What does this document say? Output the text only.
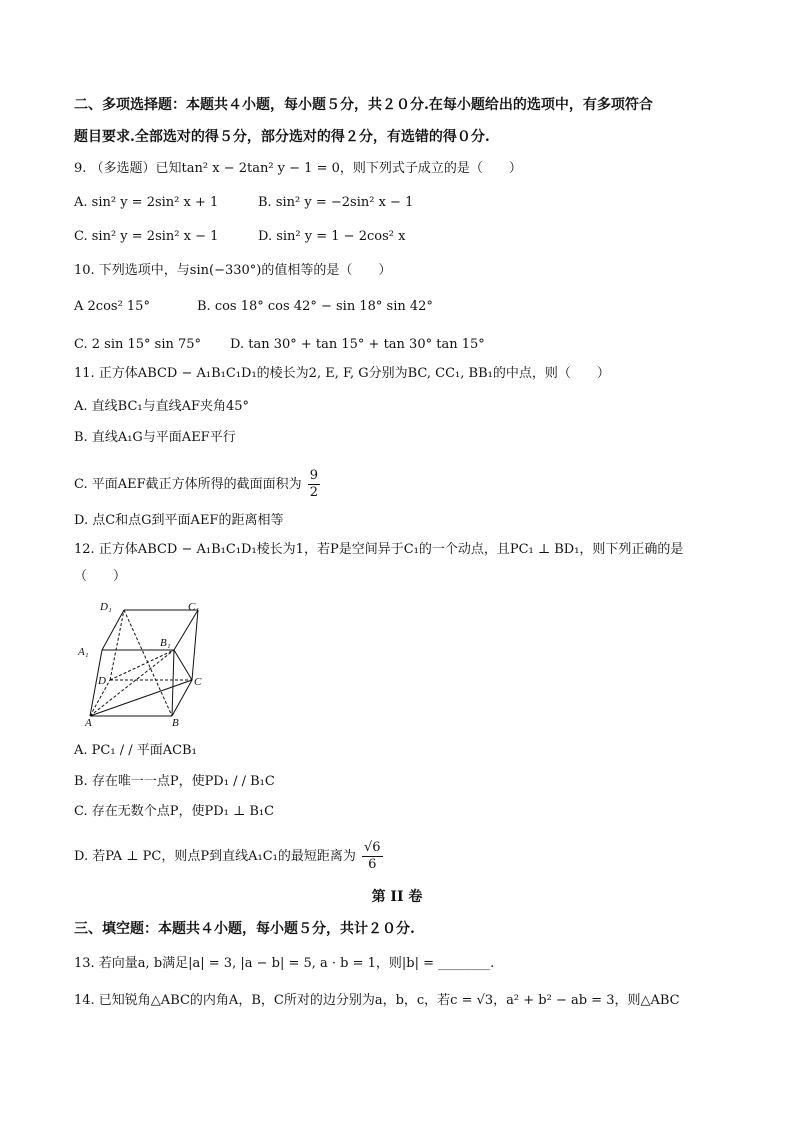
二、多项选择题：本题共４小题，每小题５分，共２０分.在每小题给出的选项中，有多项符合
题目要求.全部选对的得５分，部分选对的得２分，有选错的得０分.
9. （多选题）已知tan² x − 2tan² y − 1 = 0，则下列式子成立的是（　　）
A. sin² y = 2sin² x + 1	B. sin² y = −2sin² x − 1
C. sin² y = 2sin² x − 1	D. sin² y = 1 − 2cos² x
10. 下列选项中，与sin(−330°)的值相等的是（　　）
A 2cos² 15°	B. cos 18° cos 42° − sin 18° sin 42°
C. 2 sin 15° sin 75° D. tan 30° + tan 15° + tan 30° tan 15°
11. 正方体ABCD − A₁B₁C₁D₁的棱长为2, E, F, G分别为BC, CC₁, BB₁的中点，则（　　）
A. 直线BC₁与直线AF夹角45°
B. 直线A₁G与平面AEF平行
C. 平面AEF截正方体所得的截面面积为 $\frac{9}{2}$
D. 点C和点G到平面AEF的距离相等
12. 正方体ABCD − A₁B₁C₁D₁棱长为1，若P是空间异于C₁的一个动点，且PC₁ ⊥ BD₁，则下列正确的是
（　　）
D₁	C₁
A₁
B₁
D	C
A	B
A. PC₁ / / 平面ACB₁
B. 存在唯一一点P，使PD₁ / / B₁C
C. 存在无数个点P，使PD₁ ⊥ B₁C
D. 若PA ⊥ PC，则点P到直线A₁C₁的最短距离为 $\frac{√6}{6}$
第 II 卷
三、填空题：本题共４小题，每小题５分，共计２０分.
13. 若向量a, b满足|a| = 3, |a − b| = 5, a · b = 1，则|b| = ________.
14. 已知锐角△ABC的内角A，B，C所对的边分别为a，b，c，若c = √3，a² + b² − ab = 3，则△ABC
